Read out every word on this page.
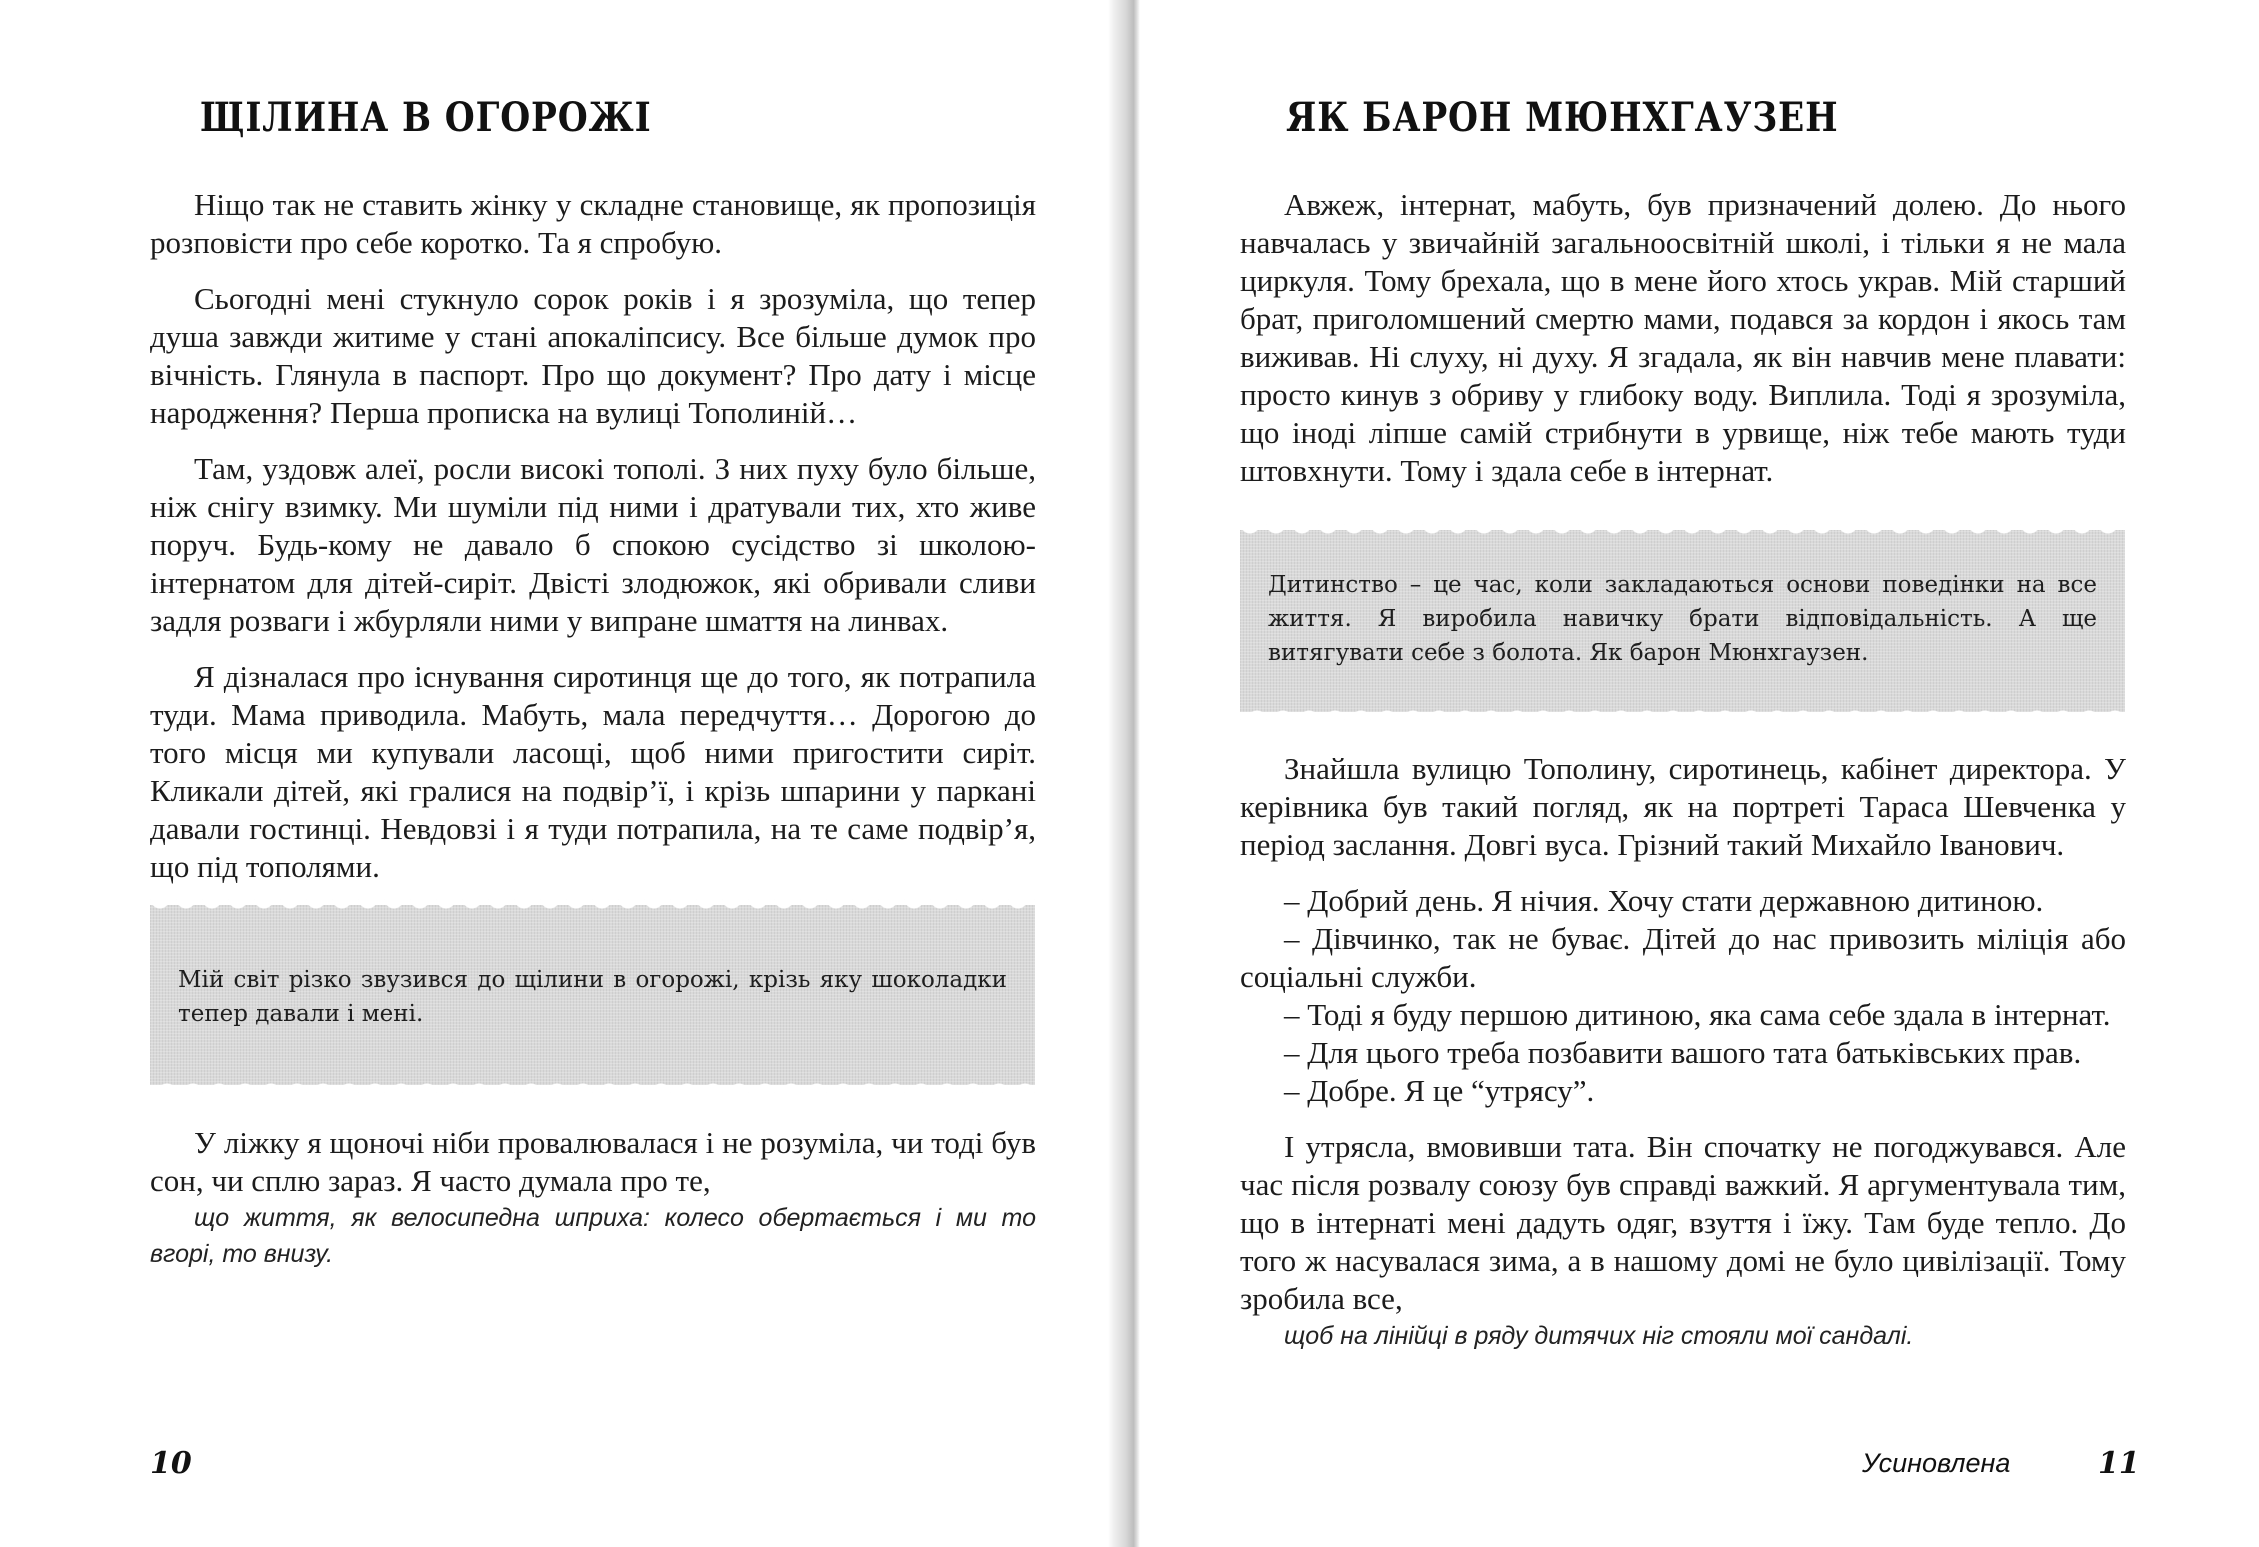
ЩІЛИНА В ОГОРОЖІ

Ніщо так не ставить жінку у складне становище, як пропозиція розповісти про себе коротко. Та я спробую.

Сьогодні мені стукнуло сорок років і я зрозуміла, що тепер душа завжди житиме у стані апокаліпсису. Все більше думок про вічність. Глянула в паспорт. Про що документ? Про дату і місце народження? Перша прописка на вулиці Тополиній…

Там, уздовж алеї, росли високі тополі. З них пуху було більше, ніж снігу взимку. Ми шуміли під ними і дратували тих, хто живе поруч. Будь-кому не давало б спокою сусідство зі школою-інтернатом для дітей-сиріт. Двісті злодюжок, які обривали сливи задля розваги і жбурляли ними у випране шмаття на линвах.

Я дізналася про існування сиротинця ще до того, як потрапила туди. Мама приводила. Мабуть, мала передчуття… Дорогою до того місця ми купували ласощі, щоб ними пригостити сиріт. Кликали дітей, які гралися на подвір’ї, і крізь шпарини у паркані давали гостинці. Невдовзі і я туди потрапила, на те саме подвір’я, що під тополями.

Мій світ різко звузився до щілини в огорожі, крізь яку шоколадки тепер давали і мені.

У ліжку я щоночі ніби провалювалася і не розуміла, чи тоді був сон, чи сплю зараз. Я часто думала про те,

що життя, як велосипедна шприха: колесо обертається і ми то вгорі, то внизу.

10
ЯК БАРОН МЮНХГАУЗЕН

Авжеж, інтернат, мабуть, був призначений долею. До нього навчалась у звичайній загальноосвітній школі, і тільки я не мала циркуля. Тому брехала, що в мене його хтось украв. Мій старший брат, приголомшений смертю мами, подався за кордон і якось там виживав. Ні слуху, ні духу. Я згадала, як він навчив мене плавати: просто кинув з обриву у глибоку воду. Виплила. Тоді я зрозуміла, що іноді ліпше самій стрибнути в урвище, ніж тебе мають туди штовхнути. Тому і здала себе в інтернат.

Дитинство – це час, коли закладаються основи поведінки на все життя. Я виробила навичку брати відповідальність. А ще витягувати себе з болота. Як барон Мюнхгаузен.

Знайшла вулицю Тополину, сиротинець, кабінет директора. У керівника був такий погляд, як на портреті Тараса Шевченка у період заслання. Довгі вуса. Грізний такий Михайло Іванович.

– Добрий день. Я нічия. Хочу стати державною дитиною.

– Дівчинко, так не буває. Дітей до нас привозить міліція або соціальні служби.

– Тоді я буду першою дитиною, яка сама себе здала в інтернат.

– Для цього треба позбавити вашого тата батьківських прав.

– Добре. Я це “утрясу”.

І утрясла, вмовивши тата. Він спочатку не погоджувався. Але час після розвалу союзу був справді важкий. Я аргументувала тим, що в інтернаті мені дадуть одяг, взуття і їжу. Там буде тепло. До того ж насувалася зима, а в нашому домі не було цивілізації. Тому зробила все,

щоб на лінійці в ряду дитячих ніг стояли мої сандалі.

Усиновлена	11
